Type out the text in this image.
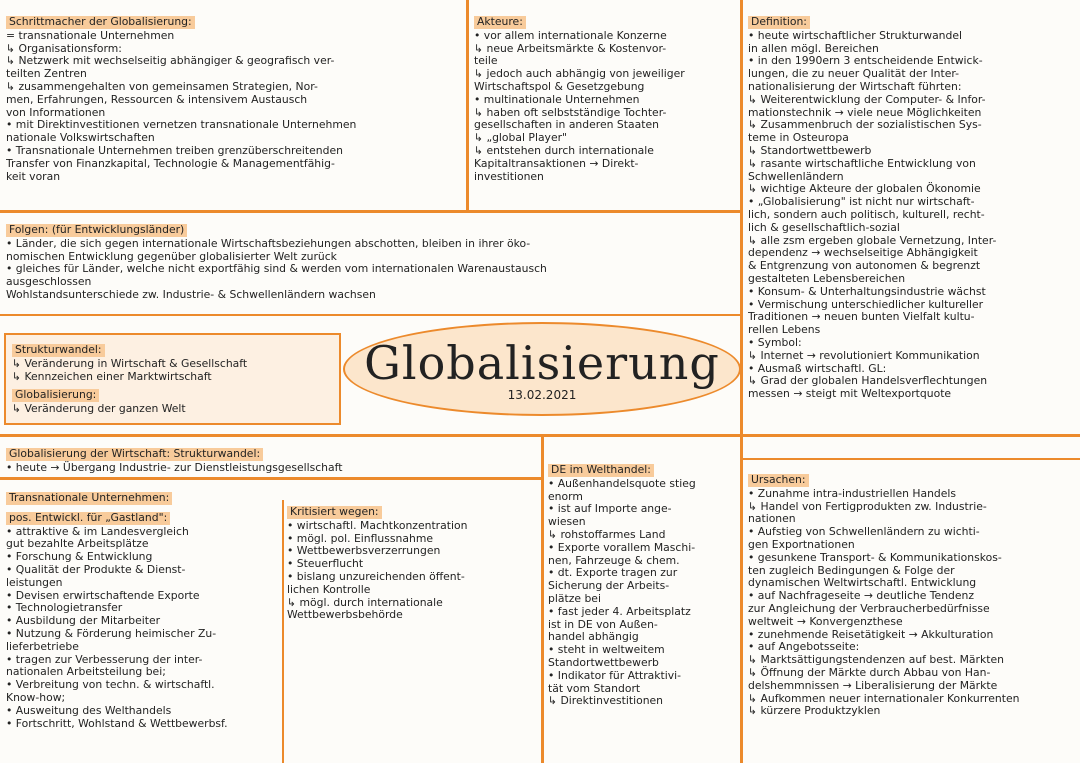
Schrittmacher der Globalisierung:

= transnationale Unternehmen

↳ Organisationsform:

↳ Netzwerk mit wechselseitig abhängiger & geografisch ver-

teilten Zentren

↳ zusammengehalten von gemeinsamen Strategien, Nor-

men, Erfahrungen, Ressourcen & intensivem Austausch

von Informationen

• mit Direktinvestitionen vernetzen transnationale Unternehmen

nationale Volkswirtschaften

• Transnationale Unternehmen treiben grenzüberschreitenden

Transfer von Finanzkapital, Technologie & Managementfähig-

keit voran

Akteure:

• vor allem internationale Konzerne

↳ neue Arbeitsmärkte & Kostenvor-

teile

↳ jedoch auch abhängig von jeweiliger

Wirtschaftspol & Gesetzgebung

• multinationale Unternehmen

↳ haben oft selbstständige Tochter-

gesellschaften in anderen Staaten

↳ „global Player"

↳ entstehen durch internationale

Kapitaltransaktionen → Direkt-

investitionen

Definition:

• heute wirtschaftlicher Strukturwandel

in allen mögl. Bereichen

• in den 1990ern 3 entscheidende Entwick-

lungen, die zu neuer Qualität der Inter-

nationalisierung der Wirtschaft führten:

↳ Weiterentwicklung der Computer- & Infor-

mationstechnik → viele neue Möglichkeiten

↳ Zusammenbruch der sozialistischen Sys-

teme in Osteuropa

↳ Standortwettbewerb

↳ rasante wirtschaftliche Entwicklung von

Schwellenländern

↳ wichtige Akteure der globalen Ökonomie

• „Globalisierung" ist nicht nur wirtschaft-

lich, sondern auch politisch, kulturell, recht-

lich & gesellschaftlich-sozial

↳ alle zsm ergeben globale Vernetzung, Inter-

dependenz → wechselseitige Abhängigkeit

& Entgrenzung von autonomen & begrenzt

gestalteten Lebensbereichen

• Konsum- & Unterhaltungsindustrie wächst

• Vermischung unterschiedlicher kultureller

Traditionen → neuen bunten Vielfalt kultu-

rellen Lebens

• Symbol:

↳ Internet → revolutioniert Kommunikation

• Ausmaß wirtschaftl. GL:

↳ Grad der globalen Handelsverflechtungen

messen → steigt mit Weltexportquote

Folgen: (für Entwicklungsländer)

• Länder, die sich gegen internationale Wirtschaftsbeziehungen abschotten, bleiben in ihrer öko-

nomischen Entwicklung gegenüber globalisierter Welt zurück

• gleiches für Länder, welche nicht exportfähig sind & werden vom internationalen Warenaustausch

ausgeschlossen

Wohlstandsunterschiede zw. Industrie- & Schwellenländern wachsen

Strukturwandel:

↳ Veränderung in Wirtschaft & Gesellschaft

↳ Kennzeichen einer Marktwirtschaft

Globalisierung:

↳ Veränderung der ganzen Welt

Globalisierung
13.02.2021

Globalisierung der Wirtschaft: Strukturwandel:

• heute → Übergang Industrie- zur Dienstleistungsgesellschaft

Transnationale Unternehmen:

pos. Entwickl. für „Gastland":

• attraktive & im Landesvergleich

gut bezahlte Arbeitsplätze

• Forschung & Entwicklung

• Qualität der Produkte & Dienst-

leistungen

• Devisen erwirtschaftende Exporte

• Technologietransfer

• Ausbildung der Mitarbeiter

• Nutzung & Förderung heimischer Zu-

lieferbetriebe

• tragen zur Verbesserung der inter-

nationalen Arbeitsteilung bei;

• Verbreitung von techn. & wirtschaftl.

Know-how;

• Ausweitung des Welthandels

• Fortschritt, Wohlstand & Wettbewerbsf.

Kritisiert wegen:

• wirtschaftl. Machtkonzentration

• mögl. pol. Einflussnahme

• Wettbewerbsverzerrungen

• Steuerflucht

• bislang unzureichenden öffent-

lichen Kontrolle

↳ mögl. durch internationale

Wettbewerbsbehörde

DE im Welthandel:

• Außenhandelsquote stieg

enorm

• ist auf Importe ange-

wiesen

↳ rohstoffarmes Land

• Exporte vorallem Maschi-

nen, Fahrzeuge & chem.

• dt. Exporte tragen zur

Sicherung der Arbeits-

plätze bei

• fast jeder 4. Arbeitsplatz

ist in DE von Außen-

handel abhängig

• steht in weltweitem

Standortwettbewerb

• Indikator für Attraktivi-

tät vom Standort

↳ Direktinvestitionen

Ursachen:

• Zunahme intra-industriellen Handels

↳ Handel von Fertigprodukten zw. Industrie-

nationen

• Aufstieg von Schwellenländern zu wichti-

gen Exportnationen

• gesunkene Transport- & Kommunikationskos-

ten zugleich Bedingungen & Folge der

dynamischen Weltwirtschaftl. Entwicklung

• auf Nachfrageseite → deutliche Tendenz

zur Angleichung der Verbraucherbedürfnisse

weltweit → Konvergenzthese

• zunehmende Reisetätigkeit → Akkulturation

• auf Angebotsseite:

↳ Marktsättigungstendenzen auf best. Märkten

↳ Öffnung der Märkte durch Abbau von Han-

delshemmnissen → Liberalisierung der Märkte

↳ Aufkommen neuer internationaler Konkurrenten

↳ kürzere Produktzyklen
